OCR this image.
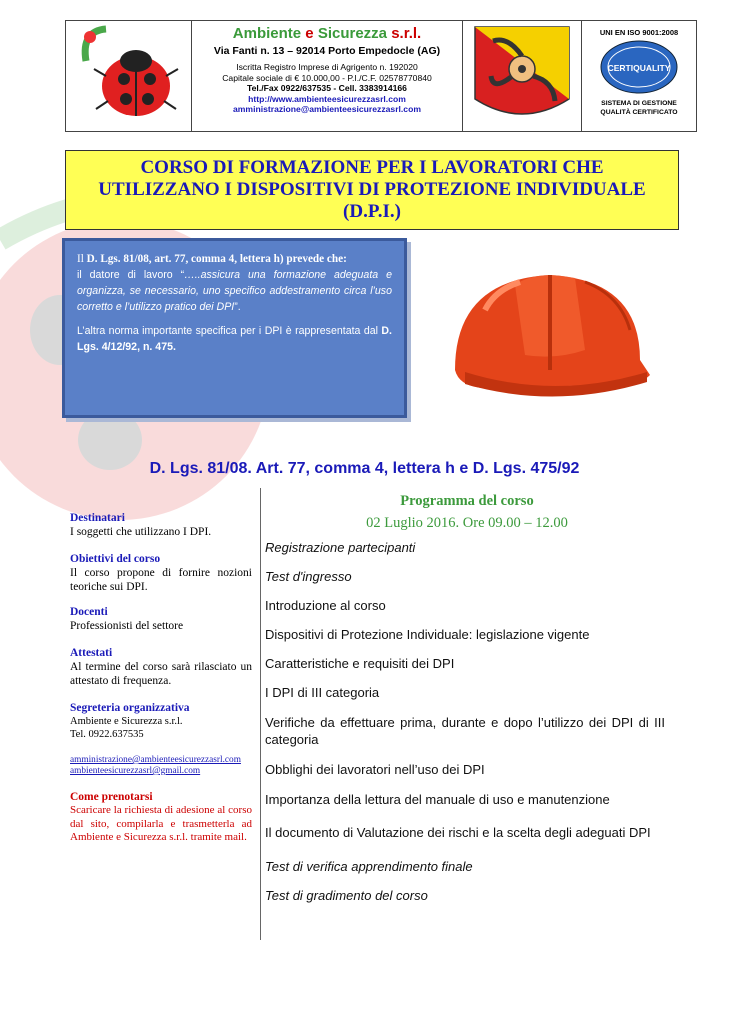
Ambiente e Sicurezza s.r.l.
Via Fanti n. 13 – 92014 Porto Empedocle (AG)
Iscritta Registro Imprese di Agrigento n. 192020
Capitale sociale di € 10.000,00 - P.I./C.F. 02578770840
Tel./Fax 0922/637535 - Cell. 3383914166
http://www.ambienteesicurezzasrl.com
amministrazione@ambienteesicurezzasrl.com
UNI EN ISO 9001:2008
CERTIQUALITY
SISTEMA DI GESTIONE
QUALITÀ CERTIFICATO
CORSO DI FORMAZIONE PER I LAVORATORI CHE UTILIZZANO I DISPOSITIVI DI PROTEZIONE INDIVIDUALE (D.P.I.)

Il D. Lgs. 81/08, art. 77, comma 4, lettera h) prevede che:

il datore di lavoro “…..assicura una formazione adeguata e organizza, se necessario, uno specifico addestramento circa l’uso corretto e l’utilizzo pratico dei DPI”.

L’altra norma importante specifica per i DPI è rappresentata dal D. Lgs. 4/12/92, n. 475.

D. Lgs. 81/08. Art. 77, comma 4, lettera h e D. Lgs. 475/92
Destinatari
I soggetti che utilizzano I DPI.
Obiettivi del corso
Il corso propone di fornire nozioni teoriche sui DPI.
Docenti
Professionisti del settore
Attestati
Al termine del corso sarà rilasciato un attestato di frequenza.
Segreteria organizzativa
Ambiente e Sicurezza s.r.l.
Tel. 0922.637535
amministrazione@ambienteesicurezzasrl.com
ambienteesicurezzasrl@gmail.com
Come prenotarsi
Scaricare la richiesta di adesione al corso dal sito, compilarla e trasmetterla ad Ambiente e Sicurezza s.r.l. tramite mail.
Programma del corso
02 Luglio 2016. Ore 09.00 – 12.00
Registrazione partecipanti
Test d'ingresso
Introduzione al corso
Dispositivi di Protezione Individuale: legislazione vigente
Caratteristiche e requisiti dei DPI
I DPI di III categoria
Verifiche da effettuare prima, durante e dopo l’utilizzo dei DPI di III categoria
Obblighi dei lavoratori nell’uso dei DPI
Importanza della lettura del manuale di uso e manutenzione
Il documento di Valutazione dei rischi e la scelta degli adeguati DPI
Test di verifica apprendimento finale
Test di gradimento del corso
